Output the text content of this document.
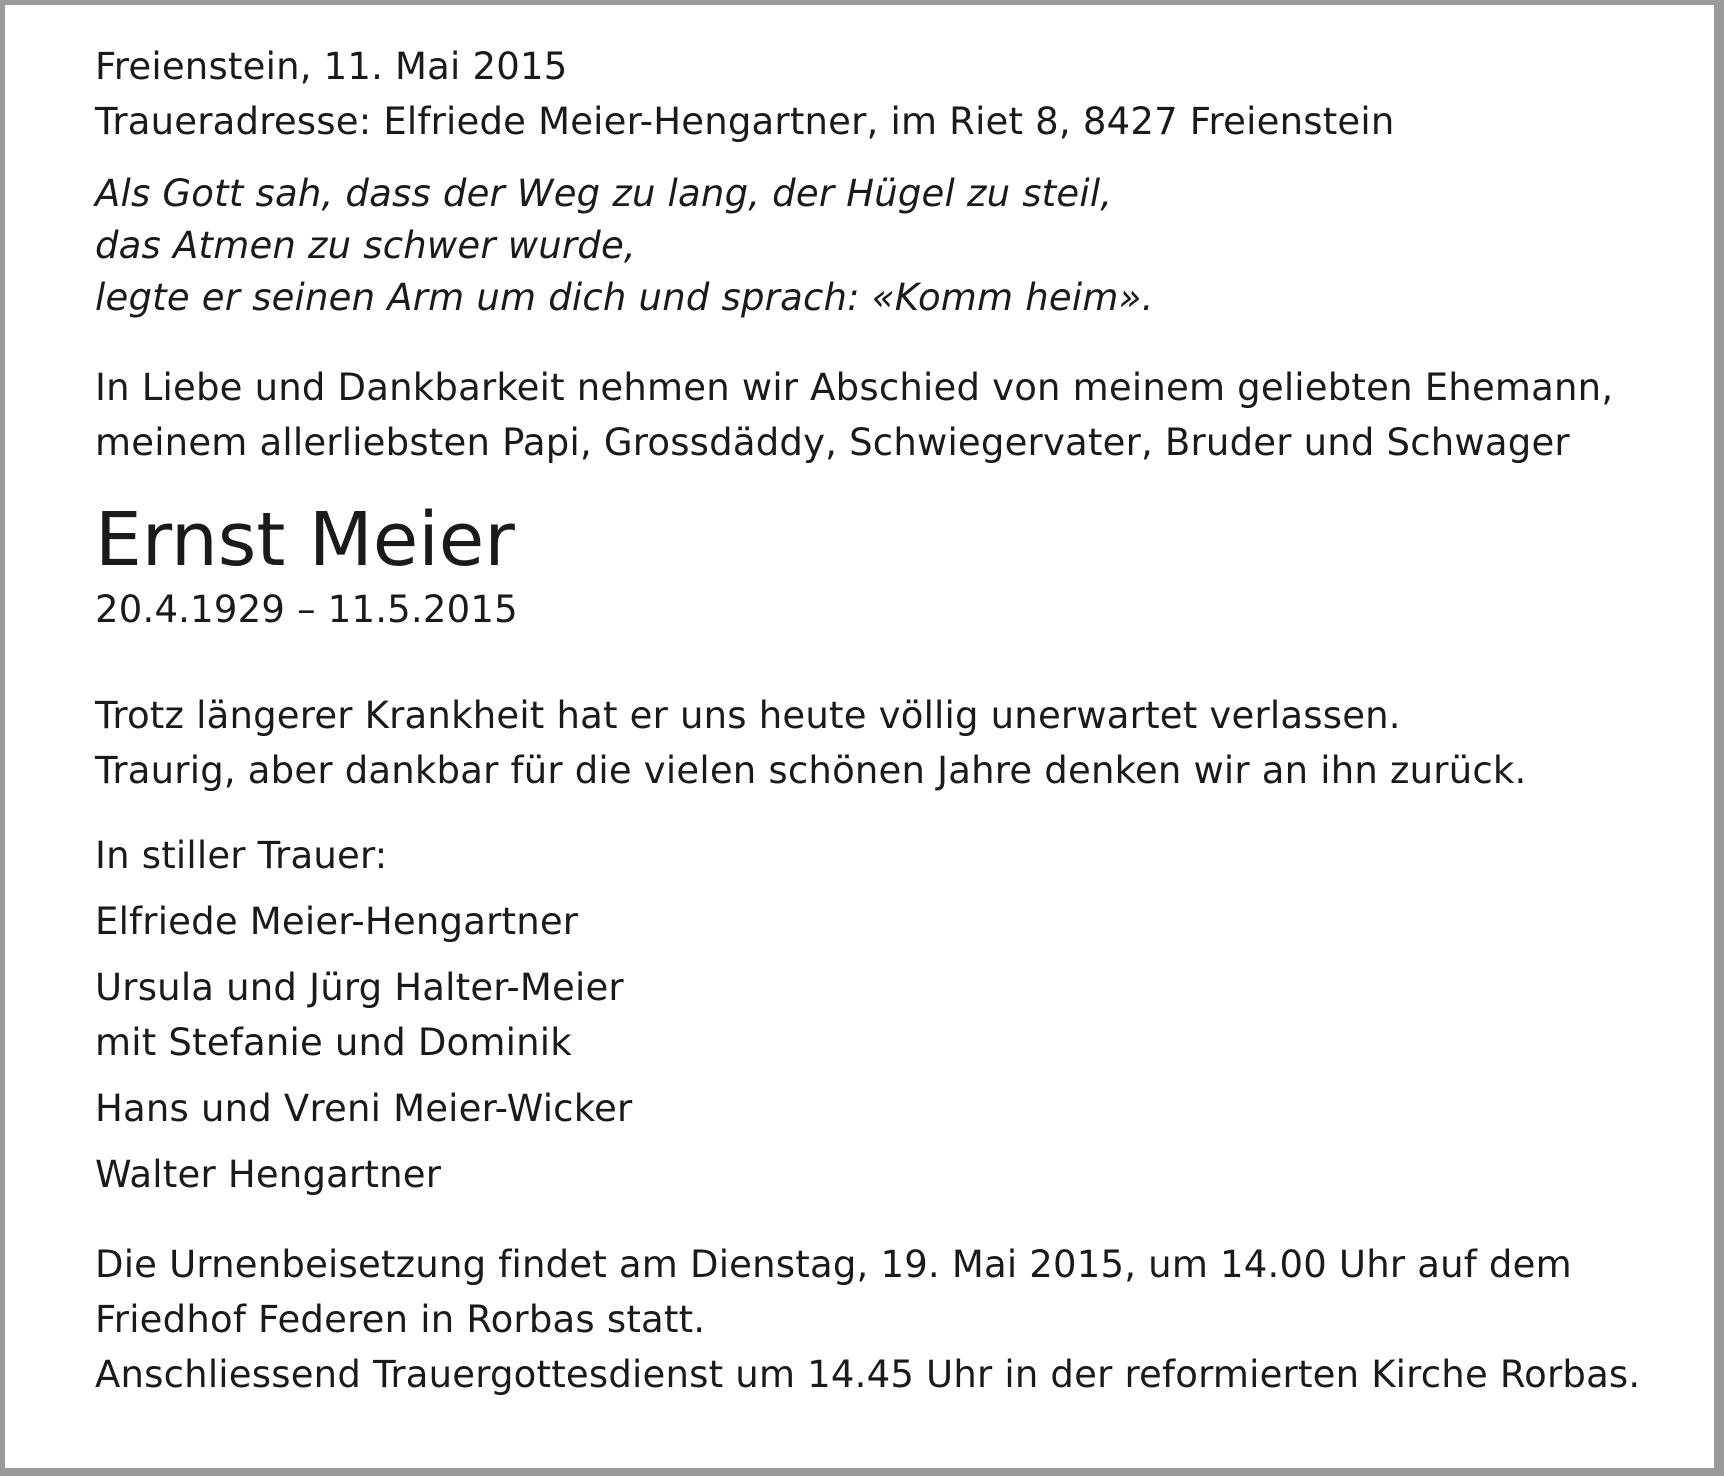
Freienstein, 11. Mai 2015

Traueradresse: Elfriede Meier-Hengartner, im Riet 8, 8427 Freienstein

Als Gott sah, dass der Weg zu lang, der Hügel zu steil,

das Atmen zu schwer wurde,

legte er seinen Arm um dich und sprach: «Komm heim».

In Liebe und Dankbarkeit nehmen wir Abschied von meinem geliebten Ehemann,

meinem allerliebsten Papi, Grossdäddy, Schwiegervater, Bruder und Schwager

Ernst Meier

20.4.1929 – 11.5.2015

Trotz längerer Krankheit hat er uns heute völlig unerwartet verlassen.

Traurig, aber dankbar für die vielen schönen Jahre denken wir an ihn zurück.

In stiller Trauer:

Elfriede Meier-Hengartner

Ursula und Jürg Halter-Meier

mit Stefanie und Dominik

Hans und Vreni Meier-Wicker

Walter Hengartner

Die Urnenbeisetzung findet am Dienstag, 19. Mai 2015, um 14.00 Uhr auf dem

Friedhof Federen in Rorbas statt.

Anschliessend Trauergottesdienst um 14.45 Uhr in der reformierten Kirche Rorbas.
